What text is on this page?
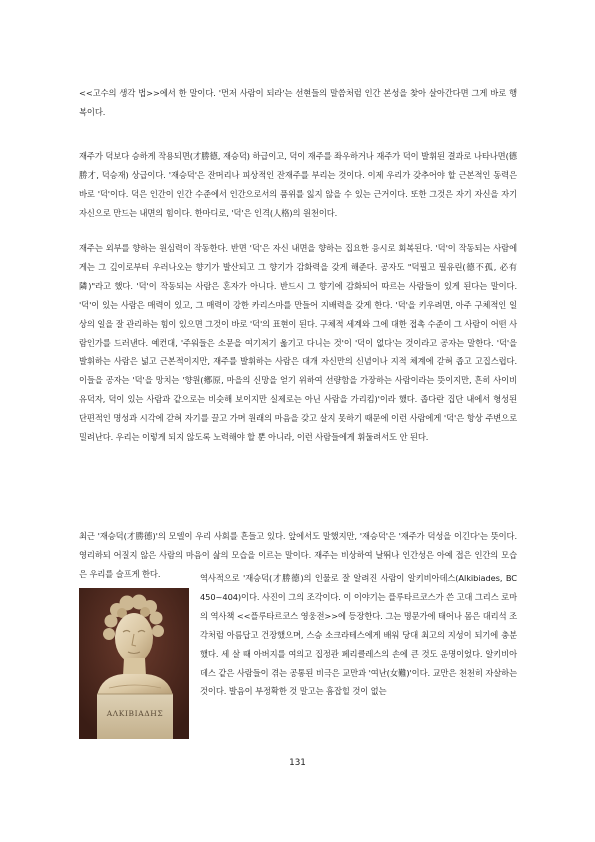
<<고수의 생각 법>>에서 한 말이다. '먼저 사람이 되라'는 선현들의 말씀처럼 인간 본성을 찾아 살아간다면 그게 바로 행복이다.

재주가 덕보다 승하게 작용되면(才勝德, 재승덕) 하급이고, 덕이 재주를 좌우하거나 재주가 덕이 발휘된 결과로 나타나면(德勝才, 덕승재) 상급이다. '재승덕'은 잔머리나 피상적인 잔재주를 부리는 것이다. 이제 우리가 갖추어야 할 근본적인 동력은 바로 '덕'이다. 덕은 인간이 인간 수준에서 인간으로서의 품위를 잃지 않을 수 있는 근거이다. 또한 그것은 자기 자신을 자기 자신으로 만드는 내면의 힘이다. 한마디로, '덕'은 인격(人格)의 원천이다.

재주는 외부를 향하는 원심력이 작동한다. 반면 '덕'은 자신 내면을 향하는 집요한 응시로 회복된다. '덕'이 작동되는 사람에게는 그 깊이로부터 우러나오는 향기가 발산되고 그 향기가 감화력을 갖게 해준다. 공자도 "덕필고 필유린(德不孤, 必有隣)"라고 했다. '덕'이 작동되는 사람은 혼자가 아니다. 반드시 그 향기에 감화되어 따르는 사람들이 있게 된다는 말이다. '덕'이 있는 사람은 매력이 있고, 그 매력이 강한 카리스마를 만들어 지배력을 갖게 한다. '덕'을 키우려면, 아주 구체적인 일상의 일을 잘 관리하는 힘이 있으면 그것이 바로 '덕'의 표현이 된다. 구체적 세계와 그에 대한 접촉 수준이 그 사람이 어떤 사람인가를 드러낸다. 예컨대, '주워들은 소문을 여기저기 옮기고 다니는 것'이 '덕이 없다'는 것이라고 공자는 말한다. '덕'을 발휘하는 사람은 넓고 근본적이지만, 재주를 발휘하는 사람은 대개 자신만의 신념이나 지적 체계에 갇혀 좁고 고집스럽다. 이들을 공자는 '덕'을 망치는 '향원(鄕原, 마을의 신망을 얻기 위하여 선량함을 가장하는 사람이라는 뜻이지만, 흔히 사이비 유덕자, 덕이 있는 사람과 같으로는 비슷해 보이지만 실제로는 아닌 사람을 가리킴)'이라 했다. 좁다란 집단 내에서 형성된 단편적인 명성과 시각에 갇혀 자기를 끌고 가며 원래의 마음을 갖고 살지 못하기 때문에 이런 사람에게 '덕'은 항상 주변으로 밀려난다. 우리는 이렇게 되지 않도록 노력해야 할 뿐 아니라, 이런 사람들에게 휘둘려서도 안 된다.

최근 '재승덕(才勝德)'의 모델이 우리 사회를 흔들고 있다. 앞에서도 말했지만, '재승덕'은 '재주가 덕성을 이긴다'는 뜻이다. 영리하되 어질지 않은 사람의 마음이 삶의 모습을 이르는 말이다. 재주는 비상하여 날뛰나 인간성은 아예 접은 인간의 모습은 우리를 슬프게 한다.

ΑΛΚΙΒΙΑΔΗΣ

역사적으로 '재승덕(才勝德)의 인물로 잘 알려진 사람이 알키비아데스(Alkibiades, BC 450~404)이다. 사진이 그의 조각이다. 이 이야기는 플루타르코스가 쓴 고대 그리스 로마의 역사책 <<플루타르코스 영웅전>>에 등장한다. 그는 명문가에 태어나 몸은 대리석 조각처럼 아름답고 건장했으며, 스승 소크라테스에게 배워 당대 최고의 지성이 되기에 충분했다. 세 살 때 아버지를 여의고 집정관 페리클레스의 손에 큰 것도 운명이었다. 알키비아데스 같은 사람들이 겪는 공통된 비극은 교만과 '여난(女難)'이다. 교만은 천천히 자살하는 것이다. 발음이 부정확한 것 말고는 흠잡힐 것이 없는

131
